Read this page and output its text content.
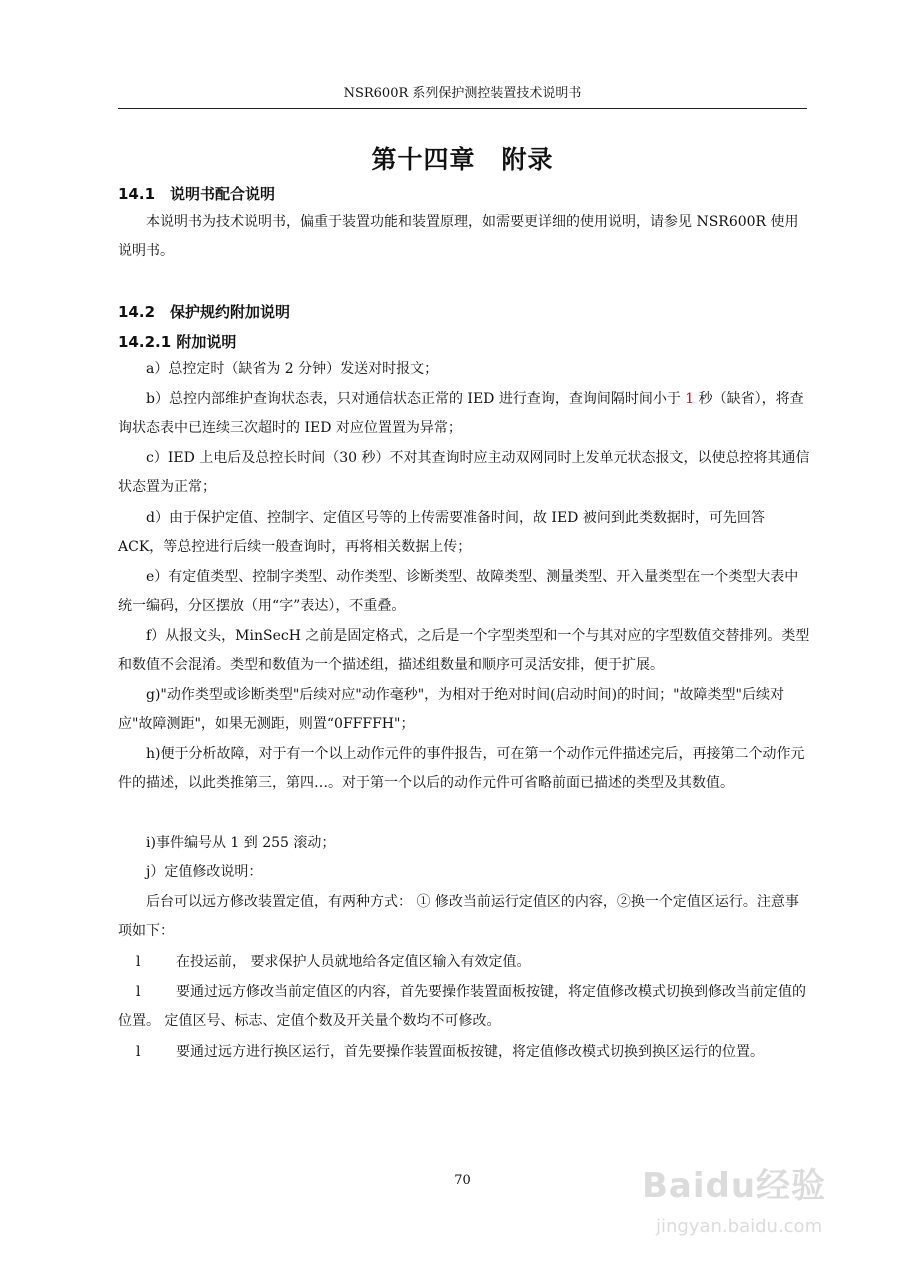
NSR600R 系列保护测控装置技术说明书
第十四章　附录
14.1　说明书配合说明
本说明书为技术说明书，偏重于装置功能和装置原理，如需要更详细的使用说明，请参见 NSR600R 使用说明书。
14.2　保护规约附加说明
14.2.1 附加说明
a）总控定时（缺省为 2 分钟）发送对时报文；
b）总控内部维护查询状态表，只对通信状态正常的 IED 进行查询，查询间隔时间小于 1 秒（缺省），将查询状态表中已连续三次超时的 IED 对应位置置为异常；
c）IED 上电后及总控长时间（30 秒）不对其查询时应主动双网同时上发单元状态报文，以使总控将其通信状态置为正常；
d）由于保护定值、控制字、定值区号等的上传需要准备时间，故 IED 被问到此类数据时，可先回答 ACK，等总控进行后续一般查询时，再将相关数据上传；
e）有定值类型、控制字类型、动作类型、诊断类型、故障类型、测量类型、开入量类型在一个类型大表中统一编码，分区摆放（用“字”表达），不重叠。
f）从报文头，MinSecH 之前是固定格式，之后是一个字型类型和一个与其对应的字型数值交替排列。类型和数值不会混淆。类型和数值为一个描述组，描述组数量和顺序可灵活安排，便于扩展。
g)"动作类型或诊断类型"后续对应"动作毫秒"，为相对于绝对时间(启动时间)的时间；"故障类型"后续对应"故障测距"，如果无测距，则置“0FFFFH"；
h)便于分析故障，对于有一个以上动作元件的事件报告，可在第一个动作元件描述完后，再接第二个动作元件的描述，以此类推第三，第四…。对于第一个以后的动作元件可省略前面已描述的类型及其数值。
i)事件编号从 1 到 255 滚动；
j）定值修改说明：
后台可以远方修改装置定值，有两种方式： ① 修改当前运行定值区的内容，②换一个定值区运行。注意事项如下：
l	在投运前， 要求保护人员就地给各定值区输入有效定值。
l	要通过远方修改当前定值区的内容，首先要操作装置面板按键，将定值修改模式切换到修改当前定值的位置。 定值区号、标志、定值个数及开关量个数均不可修改。
l	要通过远方进行换区运行，首先要操作装置面板按键，将定值修改模式切换到换区运行的位置。
70	Baidu经验
jingyan.baidu.com
